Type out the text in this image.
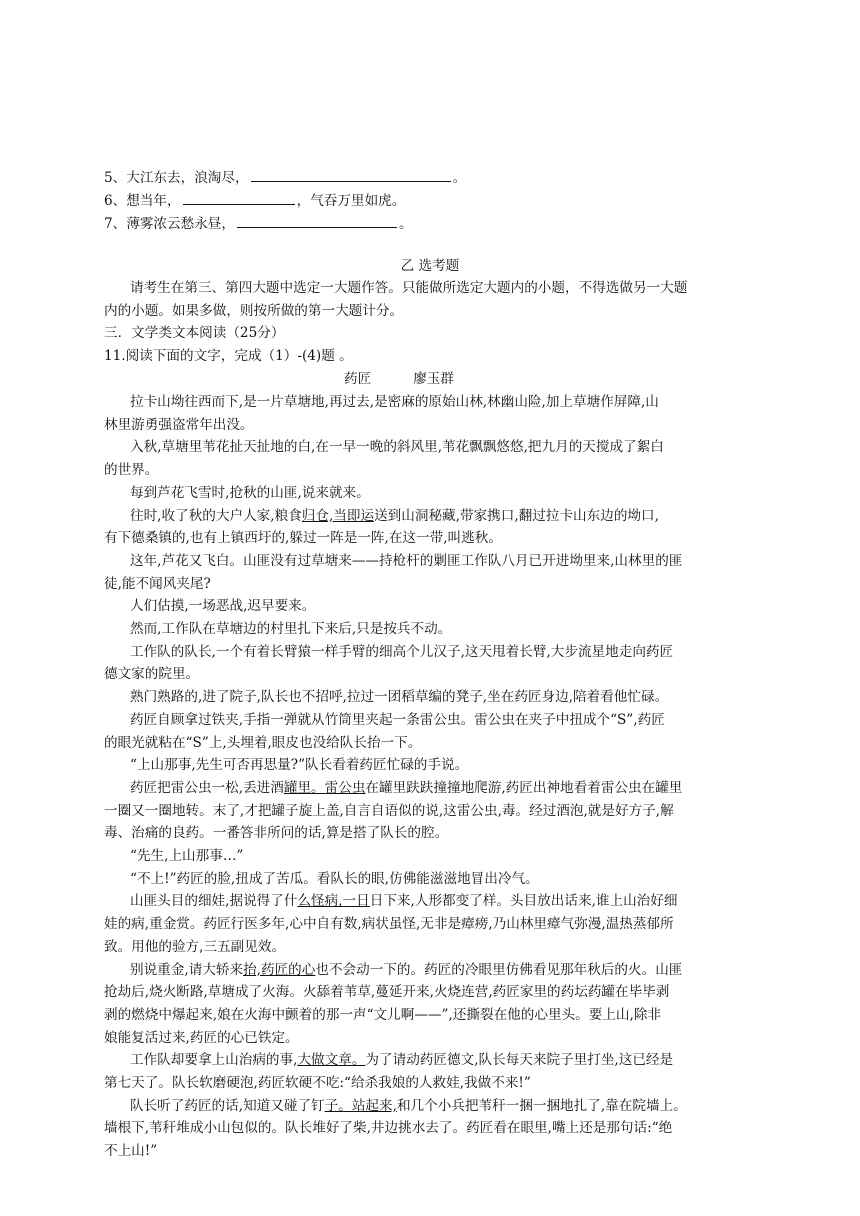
5、大江东去，浪淘尽，	。
6、想当年，	，气吞万里如虎。
7、薄雾浓云愁永昼，	。
乙 选考题
请考生在第三、第四大题中选定一大题作答。只能做所选定大题内的小题，不得选做另一大题
内的小题。如果多做，则按所做的第一大题计分。
三．文学类文本阅读（25分）
11.阅读下面的文字，完成（1）-(4)题 。
药匠	廖玉群
拉卡山坳往西而下,是一片草塘地,再过去,是密麻的原始山林,林幽山险,加上草塘作屏障,山
林里游勇强盗常年出没。
入秋,草塘里苇花扯天扯地的白,在一早一晚的斜风里,苇花飘飘悠悠,把九月的天搅成了絮白
的世界。
每到芦花飞雪时,抢秋的山匪,说来就来。
往时,收了秋的大户人家,粮食归仓,当即运送到山洞秘藏,带家携口,翻过拉卡山东边的坳口,
有下德桑镇的,也有上镇西圩的,躲过一阵是一阵,在这一带,叫逃秋。
这年,芦花又飞白。山匪没有过草塘来——持枪杆的剿匪工作队八月已开进坳里来,山林里的匪
徒,能不闻风夹尾?
人们估摸,一场恶战,迟早要来。
然而,工作队在草塘边的村里扎下来后,只是按兵不动。
工作队的队长,一个有着长臂猿一样手臂的细高个儿汉子,这天甩着长臂,大步流星地走向药匠
德文家的院里。
熟门熟路的,进了院子,队长也不招呼,拉过一团稻草编的凳子,坐在药匠身边,陪着看他忙碌。
药匠自顾拿过铁夹,手指一弹就从竹筒里夹起一条雷公虫。雷公虫在夹子中扭成个“S”,药匠
的眼光就粘在“S”上,头埋着,眼皮也没给队长抬一下。
“上山那事,先生可否再思量?”队长看着药匠忙碌的手说。
药匠把雷公虫一松,丢进酒罐里。雷公虫在罐里趺趺撞撞地爬游,药匠出神地看着雷公虫在罐里
一圈又一圈地转。末了,才把罐子旋上盖,自言自语似的说,这雷公虫,毒。经过酒泡,就是好方子,解
毒、治痛的良药。一番答非所问的话,算是搭了队长的腔。
“先生,上山那事…”
“不上!”药匠的脸,扭成了苦瓜。看队长的眼,仿佛能滋滋地冒出冷气。
山匪头目的细娃,据说得了什么怪病,一日日下来,人形都变了样。头目放出话来,谁上山治好细
娃的病,重金赏。药匠行医多年,心中自有数,病状虽怪,无非是瘴痨,乃山林里瘴气弥漫,温热蒸郁所
致。用他的验方,三五副见效。
别说重金,请大轿来抬,药匠的心也不会动一下的。药匠的冷眼里仿佛看见那年秋后的火。山匪
抢劫后,烧火断路,草塘成了火海。火舔着苇草,蔓延开来,火烧连营,药匠家里的药坛药罐在毕毕剥
剥的燃烧中爆起来,娘在火海中颤着的那一声“文儿啊——”,还撕裂在他的心里头。要上山,除非
娘能复活过来,药匠的心已铁定。
工作队却要拿上山治病的事,大做文章。为了请动药匠德文,队长每天来院子里打坐,这已经是
第七天了。队长软磨硬泡,药匠软硬不吃:“给杀我娘的人救娃,我做不来!”
队长听了药匠的话,知道又碰了钉子。站起来,和几个小兵把苇秆一捆一捆地扎了,靠在院墙上。
墙根下,苇秆堆成小山包似的。队长堆好了柴,井边挑水去了。药匠看在眼里,嘴上还是那句话:“绝
不上山!”
